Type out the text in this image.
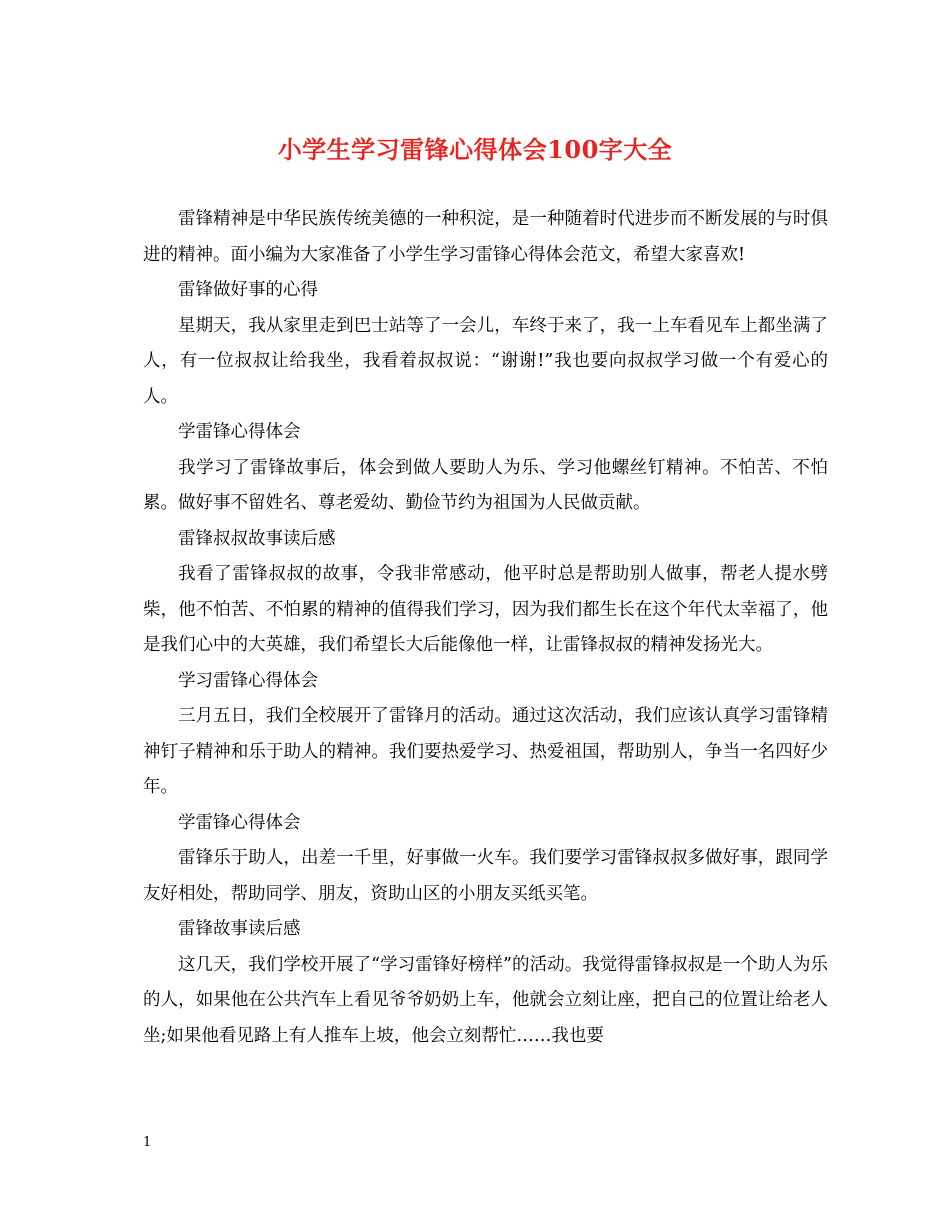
小学生学习雷锋心得体会100字大全

雷锋精神是中华民族传统美德的一种积淀，是一种随着时代进步而不断发展的与时俱进的精神。面小编为大家准备了小学生学习雷锋心得体会范文，希望大家喜欢!

雷锋做好事的心得

星期天，我从家里走到巴士站等了一会儿，车终于来了，我一上车看见车上都坐满了人，有一位叔叔让给我坐，我看着叔叔说：“谢谢!”我也要向叔叔学习做一个有爱心的人。

学雷锋心得体会

我学习了雷锋故事后，体会到做人要助人为乐、学习他螺丝钉精神。不怕苦、不怕累。做好事不留姓名、尊老爱幼、勤俭节约为祖国为人民做贡献。

雷锋叔叔故事读后感

我看了雷锋叔叔的故事，令我非常感动，他平时总是帮助别人做事，帮老人提水劈柴，他不怕苦、不怕累的精神的值得我们学习，因为我们都生长在这个年代太幸福了，他是我们心中的大英雄，我们希望长大后能像他一样，让雷锋叔叔的精神发扬光大。

学习雷锋心得体会

三月五日，我们全校展开了雷锋月的活动。通过这次活动，我们应该认真学习雷锋精神钉子精神和乐于助人的精神。我们要热爱学习、热爱祖国，帮助别人，争当一名四好少年。

学雷锋心得体会

雷锋乐于助人，出差一千里，好事做一火车。我们要学习雷锋叔叔多做好事，跟同学友好相处，帮助同学、朋友，资助山区的小朋友买纸买笔。

雷锋故事读后感

这几天，我们学校开展了“学习雷锋好榜样”的活动。我觉得雷锋叔叔是一个助人为乐的人，如果他在公共汽车上看见爷爷奶奶上车，他就会立刻让座，把自己的位置让给老人坐;如果他看见路上有人推车上坡，他会立刻帮忙……我也要

1
